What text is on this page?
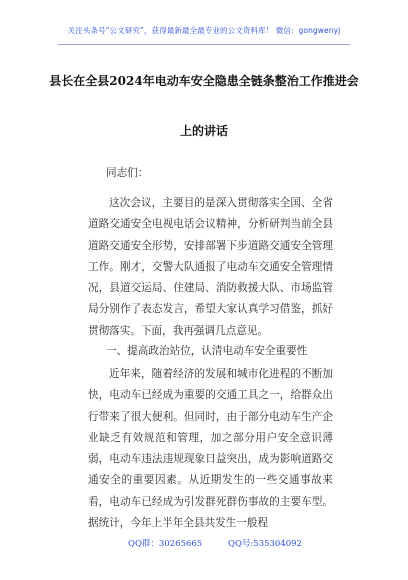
关注头条号“公文研究”，获得最新最全最专业的公文资料库！ 微信：gongwenyj
县长在全县2024年电动车安全隐患全链条整治工作推进会
上的讲话
同志们：
这次会议，主要目的是深入贯彻落实全国、全省道路交通安全电视电话会议精神，分析研判当前全县道路交通安全形势，安排部署下步道路交通安全管理工作。刚才，交警大队通报了电动车交通安全管理情况，县道交运局、住建局、消防救援大队、市场监管局分别作了表态发言，希望大家认真学习借鉴，抓好贯彻落实。下面，我再强调几点意见。
一、提高政治站位，认清电动车安全重要性
近年来，随着经济的发展和城市化进程的不断加快，电动车已经成为重要的交通工具之一，给群众出行带来了很大便利。但同时，由于部分电动车生产企业缺乏有效规范和管理，加之部分用户安全意识薄弱，电动车违法违规现象日益突出，成为影响道路交通安全的重要因素。从近期发生的一些交通事故来看，电动车已经成为引发群死群伤事故的主要车型。据统计，今年上半年全县共发生一般程
QQ群：30265665	QQ号:535304092
